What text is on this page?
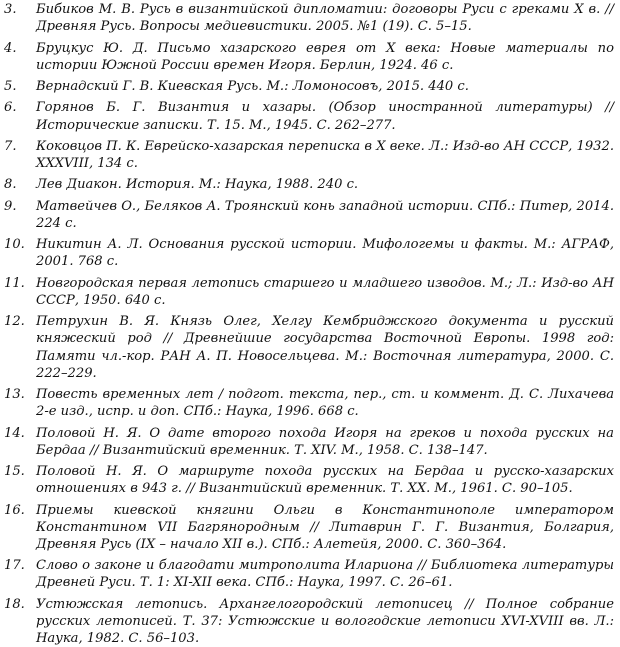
3.	Бибиков М. В. Русь в византийской дипломатии: договоры Руси с греками Х в. // Древняя Русь. Вопросы медиевистики. 2005. №1 (19). С. 5–15.
4.	Бруцкус Ю. Д. Письмо хазарского еврея от X века: Новые материалы по истории Южной России времен Игоря. Берлин, 1924. 46 с.
5.	Вернадский Г. В. Киевская Русь. М.: Ломоносовъ, 2015. 440 с.
6.	Горянов Б. Г. Византия и хазары. (Обзор иностранной литературы) // Исторические записки. Т. 15. М., 1945. С. 262–277.
7.	Коковцов П. К. Еврейско-хазарская переписка в Х веке. Л.: Изд-во АН СССР, 1932. XXXVIII, 134 с.
8.	Лев Диакон. История. М.: Наука, 1988. 240 с.
9.	Матвейчев О., Беляков А. Троянский конь западной истории. СПб.: Питер, 2014. 224 с.
10. Никитин А. Л. Основания русской истории. Мифологемы и факты. М.: АГРАФ, 2001. 768 с.
11. Новгородская первая летопись старшего и младшего изводов. М.; Л.: Изд-во АН СССР, 1950. 640 с.
12. Петрухин В. Я. Князь Олег, Хелгу Кембриджского документа и русский княжеский род // Древнейшие государства Восточной Европы. 1998 год: Памяти чл.-кор. РАН А. П. Новосельцева. М.: Восточная литература, 2000. С. 222–229.
13. Повесть временных лет / подгот. текста, пер., ст. и коммент. Д. С. Лихачева 2-е изд., испр. и доп. СПб.: Наука, 1996. 668 с.
14. Половой Н. Я. О дате второго похода Игоря на греков и похода русских на Бердаа // Византийский временник. Т. XIV. М., 1958. С. 138–147.
15. Половой Н. Я. О маршруте похода русских на Бердаа и русско-хазарских отношениях в 943 г. // Византийский временник. Т. XX. М., 1961. С. 90–105.
16. Приемы киевской княгини Ольги в Константинополе императором Константином VII Багрянородным // Литаврин Г. Г. Византия, Болгария, Древняя Русь (IX – начало XII в.). СПб.: Алетейя, 2000. С. 360–364.
17. Слово о законе и благодати митрополита Илариона // Библиотека литературы Древней Руси. Т. 1: XI-XII века. СПб.: Наука, 1997. С. 26–61.
18. Устюжская летопись. Архангелогородский летописец // Полное собрание русских летописей. Т. 37: Устюжские и вологодские летописи XVI-XVIII вв. Л.: Наука, 1982. С. 56–103.
